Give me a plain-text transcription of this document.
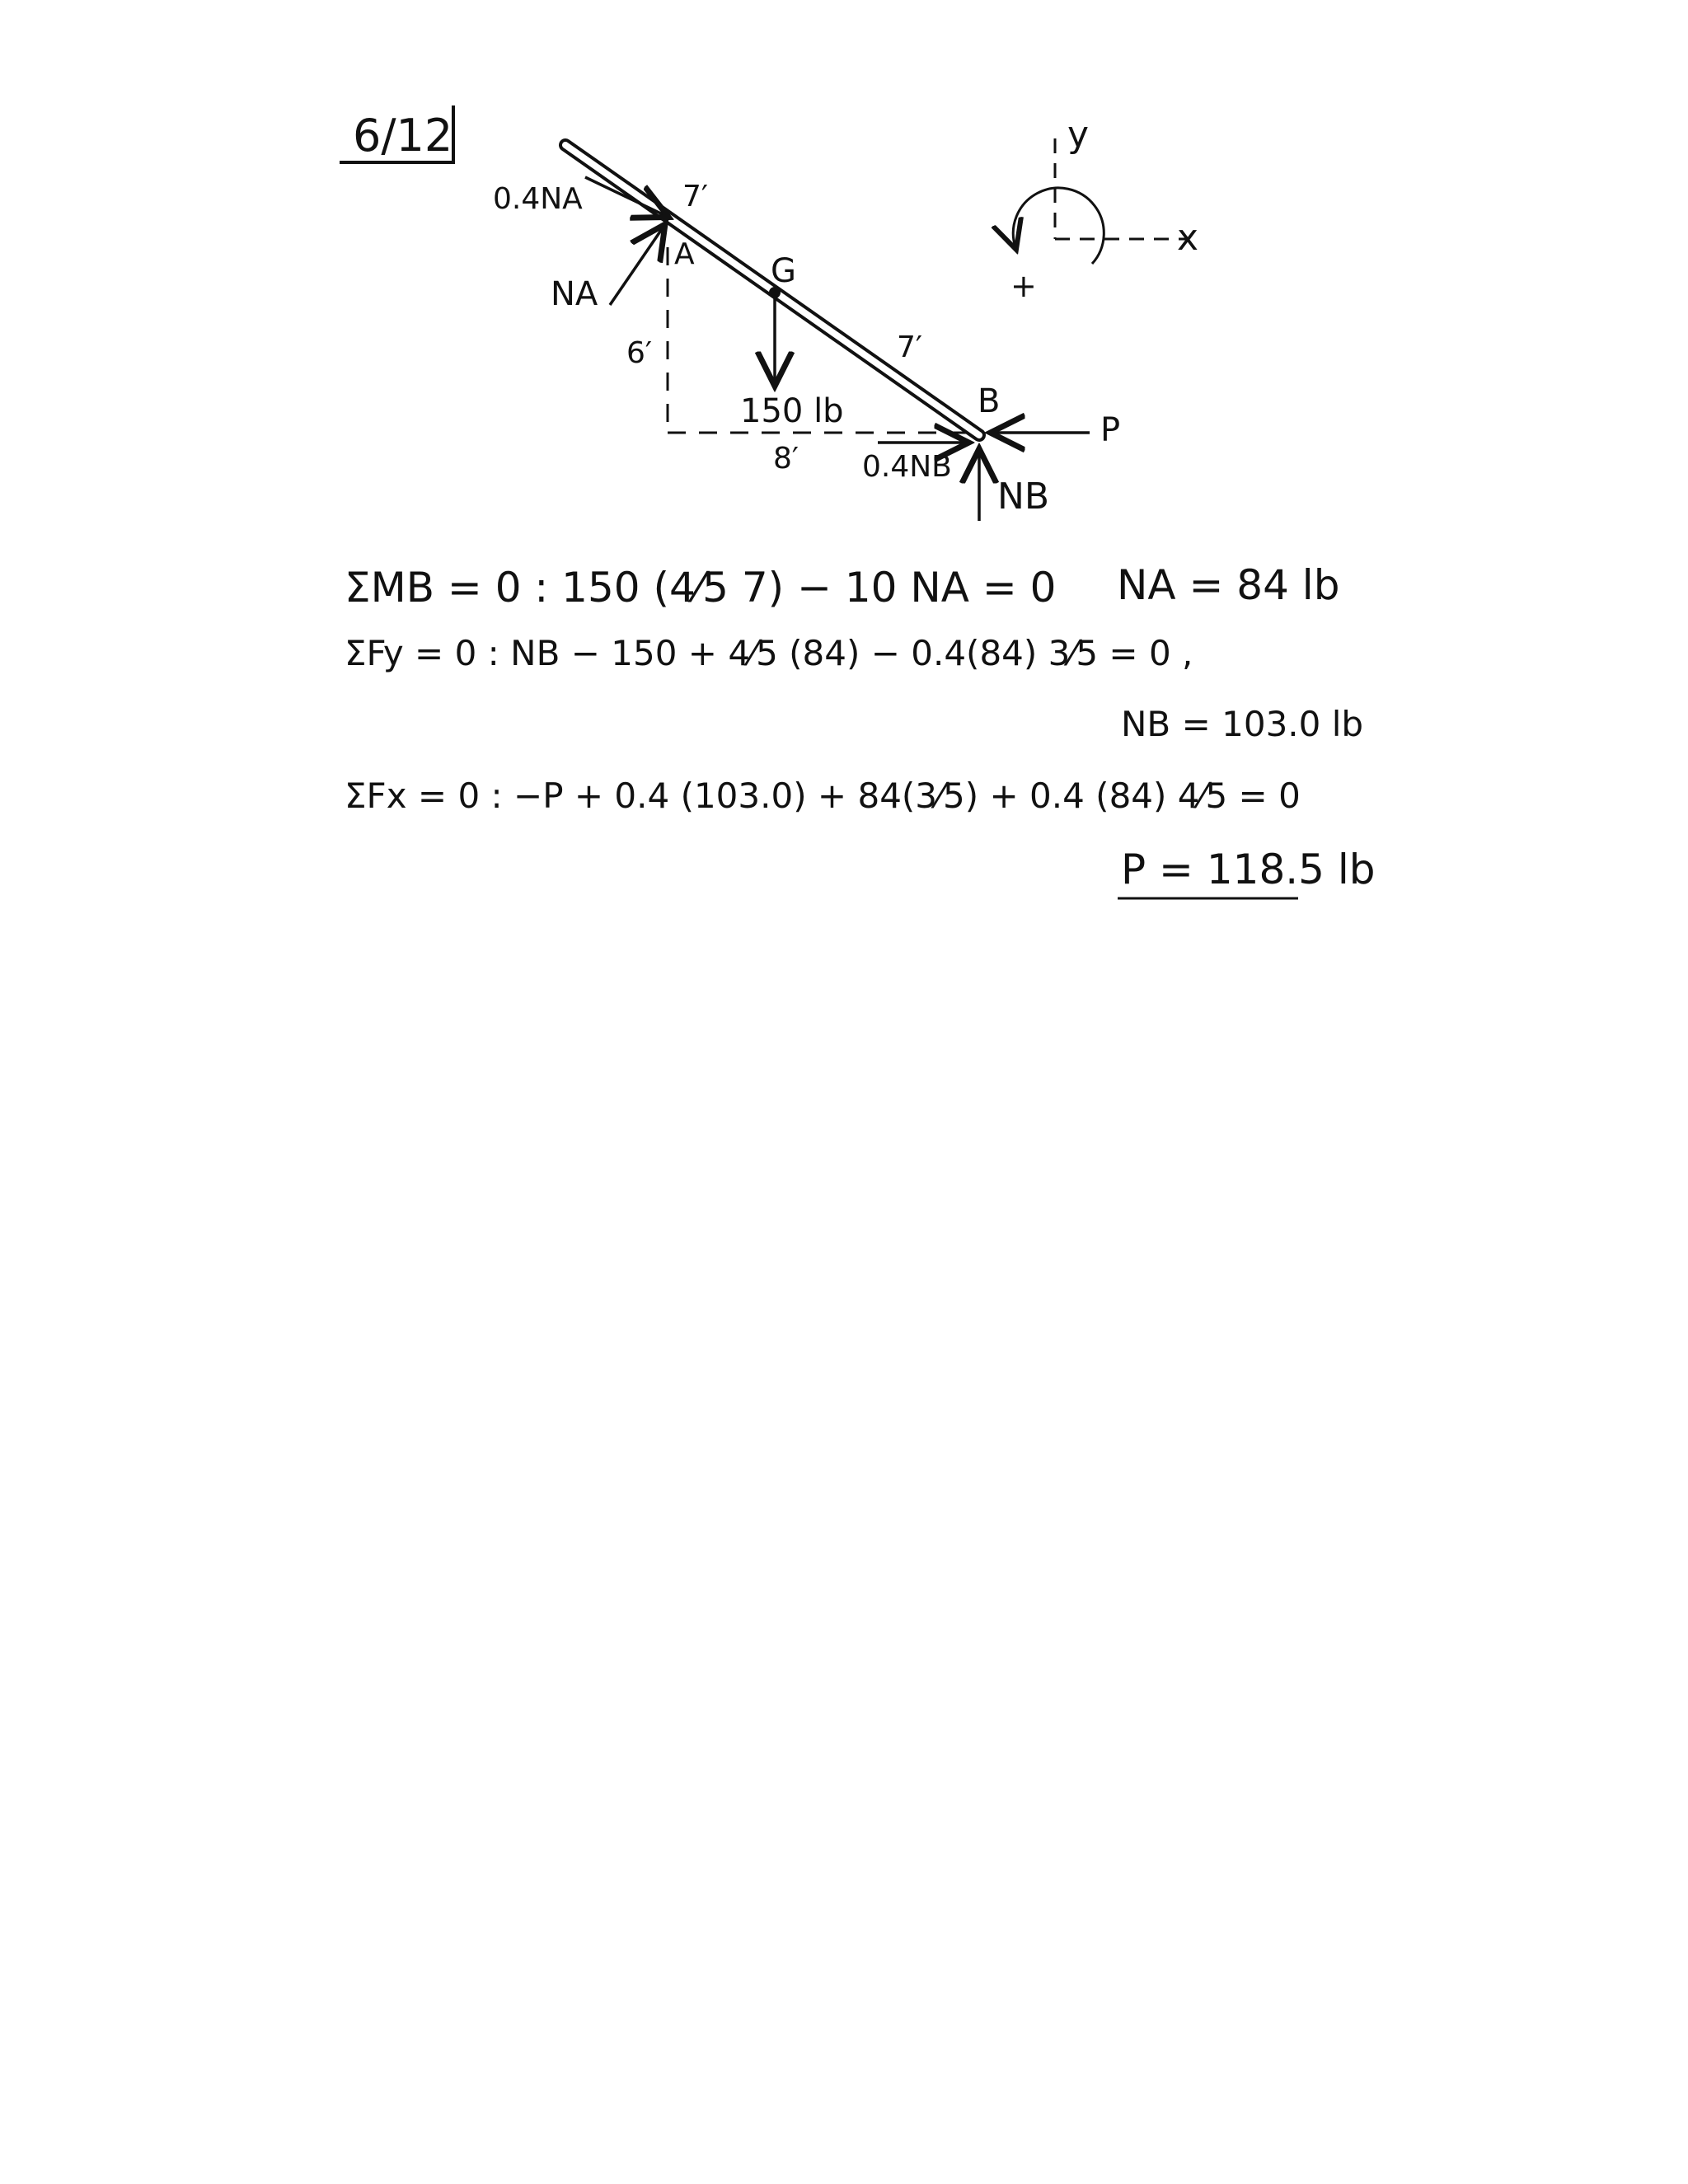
6/12
0.4NA
NA
A G
B
7′
7′
6′
8′
150 lb
0.4NB
NB
P
y
x
+
ΣMB = 0 : 150 (4⁄5 7) − 10 NA = 0 NA = 84 lb
ΣFy = 0 : NB − 150 + 4⁄5 (84) − 0.4(84) 3⁄5 = 0 ,
NB = 103.0 lb
ΣFx = 0 : −P + 0.4 (103.0) + 84(3⁄5) + 0.4 (84) 4⁄5 = 0
P = 118.5 lb
